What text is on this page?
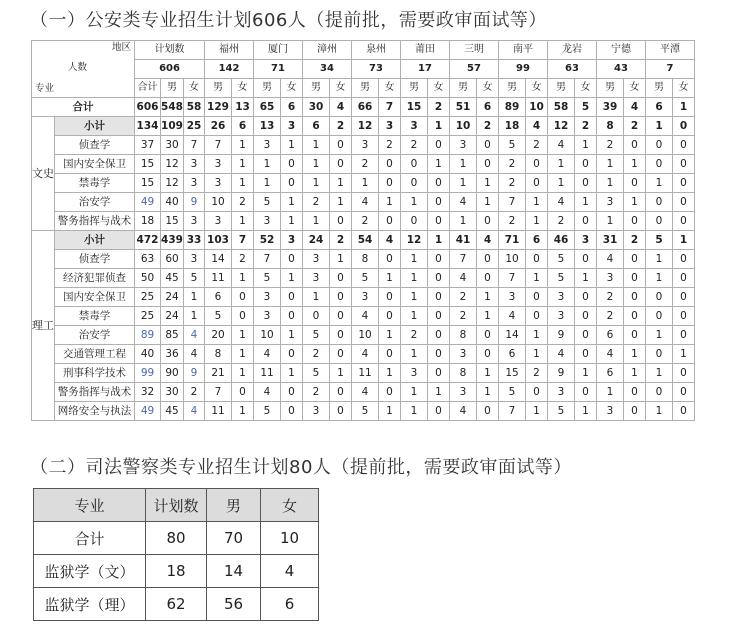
（一）公安类专业招生计划606人（提前批，需要政审面试等）
地区
人数
专业		计划数			福州		厦门		漳州		泉州		莆田		三明		南平		龙岩		宁德		平潭	
		606			142		71		34		73		17		57		99		63		43		7	
		合计	男	女	男	女	男	女	男	女	男	女	男	女	男	女	男	女	男	女	男	女	男	女
合计		606	548	58	129	13	65	6	30	4	66	7	15	2	51	6	89	10	58	5	39	4	6	1
文史	小计	134	109	25	26	6	13	3	6	2	12	3	3	1	10	2	18	4	12	2	8	2	1	0
	侦查学	37	30	7	7	1	3	1	1	0	3	2	2	0	3	0	5	2	4	1	2	0	0	0
	国内安全保卫	15	12	3	3	1	1	0	1	0	2	0	0	1	1	0	2	0	1	0	1	1	0	0
	禁毒学	15	12	3	3	1	1	0	1	1	1	0	0	0	1	1	2	0	1	0	1	0	1	0
	治安学	49	40	9	10	2	5	1	2	1	4	1	1	0	4	1	7	1	4	1	3	1	0	0
	警务指挥与战术	18	15	3	3	1	3	1	1	0	2	0	0	0	1	0	2	1	2	0	1	0	0	0
理工	小计	472	439	33	103	7	52	3	24	2	54	4	12	1	41	4	71	6	46	3	31	2	5	1
	侦查学	63	60	3	14	2	7	0	3	1	8	0	1	0	7	0	10	0	5	0	4	0	1	0
	经济犯罪侦查	50	45	5	11	1	5	1	3	0	5	1	1	0	4	0	7	1	5	1	3	0	1	0
	国内安全保卫	25	24	1	6	0	3	0	1	0	3	0	1	0	2	1	3	0	3	0	2	0	0	0
	禁毒学	25	24	1	5	0	3	0	0	0	4	0	1	0	2	1	4	0	3	0	2	0	0	0
	治安学	89	85	4	20	1	10	1	5	0	10	1	2	0	8	0	14	1	9	0	6	0	1	0
	交通管理工程	40	36	4	8	1	4	0	2	0	4	0	1	0	3	0	6	1	4	0	4	1	0	1
	刑事科学技术	99	90	9	21	1	11	1	5	1	11	1	3	0	8	1	15	2	9	1	6	1	1	0
	警务指挥与战术	32	30	2	7	0	4	0	2	0	4	0	1	1	3	1	5	0	3	0	1	0	0	0
	网络安全与执法	49	45	4	11	1	5	0	3	0	5	1	1	0	4	0	7	1	5	1	3	0	1	0
（二）司法警察类专业招生计划80人（提前批，需要政审面试等）
专业	计划数	男	女
合计	80	70	10
监狱学（文）	18	14	4
监狱学（理）	62	56	6
